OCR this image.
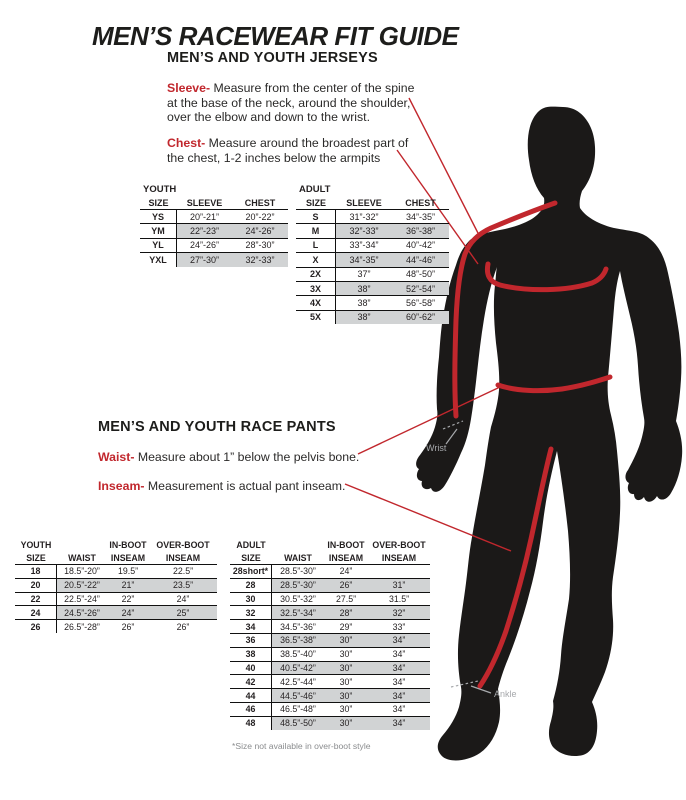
Wrist
Ankle
MEN’S RACEWEAR FIT GUIDE
MEN’S AND YOUTH JERSEYS
Sleeve- Measure from the center of the spine at the base of the neck, around the shoulder, over the elbow and down to the wrist.
Chest- Measure around the broadest part of the chest, 1-2 inches below the armpits
YOUTH
SIZE	SLEEVE	CHEST
YS	20”-21”	20”-22”
YM	22”-23”	24”-26”
YL	24”-26”	28”-30”
YXL	27”-30”	32”-33”
ADULT
SIZE	SLEEVE	CHEST
S	31”-32”	34”-35”
M	32”-33”	36”-38”
L	33”-34”	40”-42”
X	34”-35”	44”-46”
2X	37”	48”-50”
3X	38”	52”-54”
4X	38”	56”-58”
5X	38”	60”-62”
MEN’S AND YOUTH RACE PANTS
Waist- Measure about 1” below the pelvis bone.
Inseam- Measurement is actual pant inseam.
YOUTH
SIZE
	WAIST
IN-BOOT
INSEAM
OVER-BOOT
INSEAM
18	18.5”-20”	19.5”	22.5”
20	20.5”-22”	21”	23.5”
22	22.5”-24”	22”	24”
24	24.5”-26”	24”	25”
26	26.5”-28”	26”	26”
ADULT
SIZE
	WAIST
IN-BOOT
INSEAM
OVER-BOOT
INSEAM
28short*	28.5”-30”	24”
28	28.5”-30”	26”	31”
30	30.5”-32”	27.5”	31.5”
32	32.5”-34”	28”	32”
34	34.5”-36”	29”	33”
36	36.5”-38”	30”	34”
38	38.5”-40”	30”	34”
40	40.5”-42”	30”	34”
42	42.5”-44”	30”	34”
44	44.5”-46”	30”	34”
46	46.5”-48”	30”	34”
48	48.5”-50”	30”	34”
*Size not available in over-boot style
